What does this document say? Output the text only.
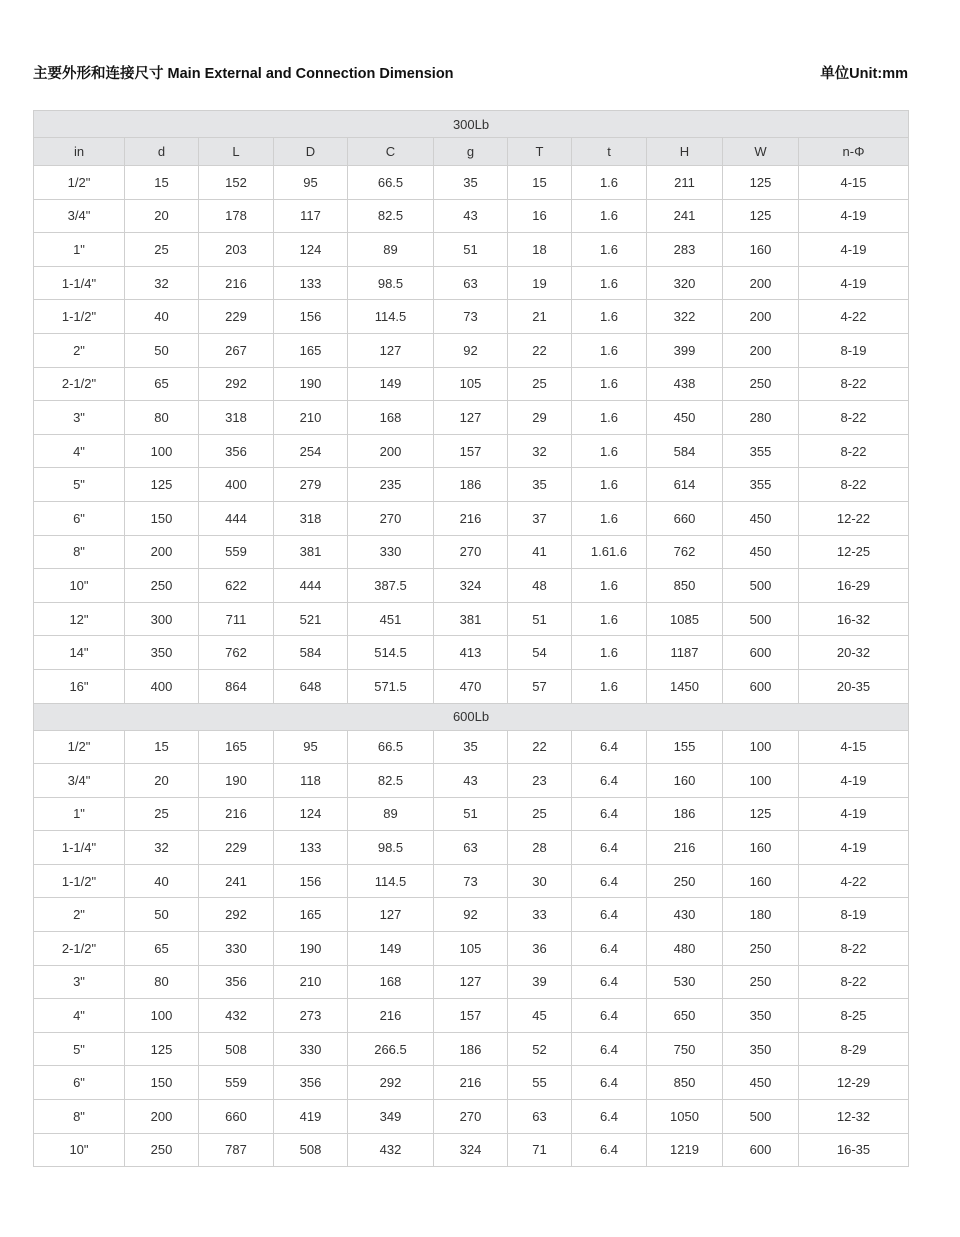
主要外形和连接尺寸 Main External and Connection Dimension	单位Unit:mm
300Lb										
in	d	L	D	C	g	T	t	H	W	n-Φ
1/2"	15	152	95	66.5	35	15	1.6	211	125	4-15
3/4"	20	178	117	82.5	43	16	1.6	241	125	4-19
1"	25	203	124	89	51	18	1.6	283	160	4-19
1-1/4"	32	216	133	98.5	63	19	1.6	320	200	4-19
1-1/2"	40	229	156	114.5	73	21	1.6	322	200	4-22
2"	50	267	165	127	92	22	1.6	399	200	8-19
2-1/2"	65	292	190	149	105	25	1.6	438	250	8-22
3"	80	318	210	168	127	29	1.6	450	280	8-22
4"	100	356	254	200	157	32	1.6	584	355	8-22
5"	125	400	279	235	186	35	1.6	614	355	8-22
6"	150	444	318	270	216	37	1.6	660	450	12-22
8"	200	559	381	330	270	41	1.61.6	762	450	12-25
10"	250	622	444	387.5	324	48	1.6	850	500	16-29
12"	300	711	521	451	381	51	1.6	1085	500	16-32
14"	350	762	584	514.5	413	54	1.6	1187	600	20-32
16"	400	864	648	571.5	470	57	1.6	1450	600	20-35
600Lb										
1/2"	15	165	95	66.5	35	22	6.4	155	100	4-15
3/4"	20	190	118	82.5	43	23	6.4	160	100	4-19
1"	25	216	124	89	51	25	6.4	186	125	4-19
1-1/4"	32	229	133	98.5	63	28	6.4	216	160	4-19
1-1/2"	40	241	156	114.5	73	30	6.4	250	160	4-22
2"	50	292	165	127	92	33	6.4	430	180	8-19
2-1/2"	65	330	190	149	105	36	6.4	480	250	8-22
3"	80	356	210	168	127	39	6.4	530	250	8-22
4"	100	432	273	216	157	45	6.4	650	350	8-25
5"	125	508	330	266.5	186	52	6.4	750	350	8-29
6"	150	559	356	292	216	55	6.4	850	450	12-29
8"	200	660	419	349	270	63	6.4	1050	500	12-32
10"	250	787	508	432	324	71	6.4	1219	600	16-35
